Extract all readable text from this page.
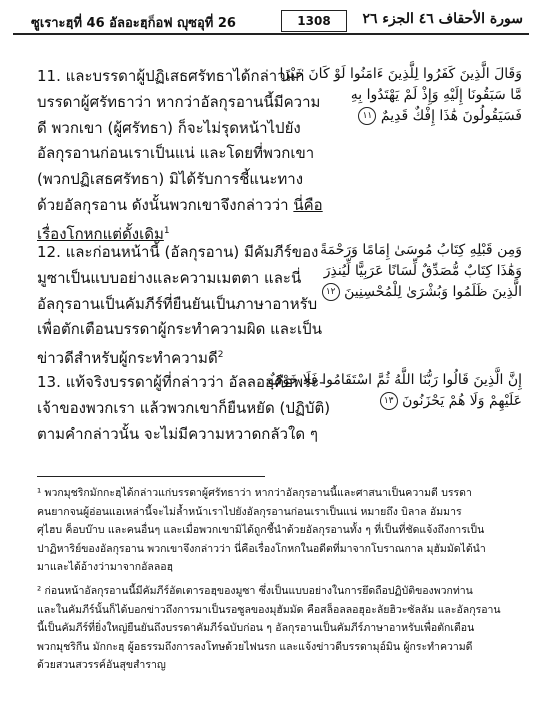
ซูเราะฮฺที่ 46 อัลอะฮฺก็อฟ ญุซอุที่ 26	1308	سورة الأحقاف ٤٦ الجزء ٢٦
11. และบรรดาผู้ปฏิเสธศรัทธาได้กล่าวแก่
บรรดาผู้ศรัทธาว่า หากว่าอัลกุรอานนี้มีความ
ดี พวกเขา (ผู้ศรัทธา) ก็จะไม่รุดหน้าไปยัง
อัลกุรอานก่อนเราเป็นแน่ และโดยที่พวกเขา
(พวกปฏิเสธศรัทธา) มิได้รับการชี้แนะทาง
ด้วยอัลกุรอาน ดังนั้นพวกเขาจึงกล่าวว่า นี่คือ
เรื่องโกหกแต่ดั้งเดิม$^1$
وَقَالَ الَّذِينَ كَفَرُوا لِلَّذِينَ ءَامَنُوا لَوْ كَانَ خَيْرًا
مَّا سَبَقُونَا إِلَيْهِ وَإِذْ لَمْ يَهْتَدُوا بِهِ
فَسَيَقُولُونَ هَٰذَا إِفْكٌ قَدِيمٌ ١١
12. และก่อนหน้านี้ (อัลกุรอาน) มีคัมภีร์ของ
มูซาเป็นแบบอย่างและความเมตตา และนี่
อัลกุรอานเป็นคัมภีร์ที่ยืนยันเป็นภาษาอาหรับ
เพื่อตักเตือนบรรดาผู้กระทำความผิด และเป็น
ข่าวดีสำหรับผู้กระทำความดี$^2$
وَمِن قَبْلِهِ كِتَابُ مُوسَىٰ إِمَامًا وَرَحْمَةً
وَهَٰذَا كِتَابٌ مُّصَدِّقٌ لِّسَانًا عَرَبِيًّا لِّيُنذِرَ
الَّذِينَ ظَلَمُوا وَبُشْرَىٰ لِلْمُحْسِنِينَ ١٢
13. แท้จริงบรรดาผู้ที่กล่าวว่า อัลลอฮฺคือพระ-
เจ้าของพวกเรา แล้วพวกเขาก็ยืนหยัด (ปฏิบัติ)
ตามคำกล่าวนั้น จะไม่มีความหวาดกลัวใด ๆ
إِنَّ الَّذِينَ قَالُوا رَبُّنَا اللَّهُ ثُمَّ اسْتَقَامُوا فَلَا خَوْفٌ
عَلَيْهِمْ وَلَا هُمْ يَحْزَنُونَ ١٣
¹ พวกมุชริกมักกะฮฺได้กล่าวแก่บรรดาผู้ศรัทธาว่า หากว่าอัลกุรอานนี้และศาสนาเป็นความดี บรรดา
คนยากจนผู้อ่อนแอเหล่านี้จะไม่ล้ำหน้าเราไปยังอัลกุรอานก่อนเราเป็นแน่ หมายถึง บิลาล อัมมาร
ศุไฮบ ค็อบบ๊าบ และคนอื่นๆ และเมื่อพวกเขามิได้ถูกชี้นำด้วยอัลกุรอานทั้ง ๆ ที่เป็นที่ชัดแจ้งถึงการเป็น
ปาฏิหาริย์ของอัลกุรอาน พวกเขาจึงกล่าวว่า นี่คือเรื่องโกหกในอดีตที่มาจากโบราณกาล มุฮัมมัดได้นำ
มาและได้อ้างว่ามาจากอัลลอฮฺ
² ก่อนหน้าอัลกุรอานนี้มีคัมภีร์อัตเตารอฮฺของมูซา ซึ่งเป็นแบบอย่างในการยึดถือปฏิบัติของพวกท่าน
และในคัมภีร์นั้นก็ได้บอกข่าวถึงการมาเป็นรอซูลของมุฮัมมัด คือสล็อลลอฮุอะลัยฮิวะซัลลัม และอัลกุรอาน
นี้เป็นคัมภีร์ที่ยิ่งใหญ่ยืนยันถึงบรรดาคัมภีร์ฉบับก่อน ๆ อัลกุรอานเป็นคัมภีร์ภาษาอาหรับเพื่อตักเตือน
พวกมุชริกีน มักกะฮฺ ผู้อธรรมถึงการลงโทษด้วยไฟนรก และแจ้งข่าวดีบรรดามุอ์มิน ผู้กระทำความดี
ด้วยสวนสวรรค์อันสุขสำราญ
